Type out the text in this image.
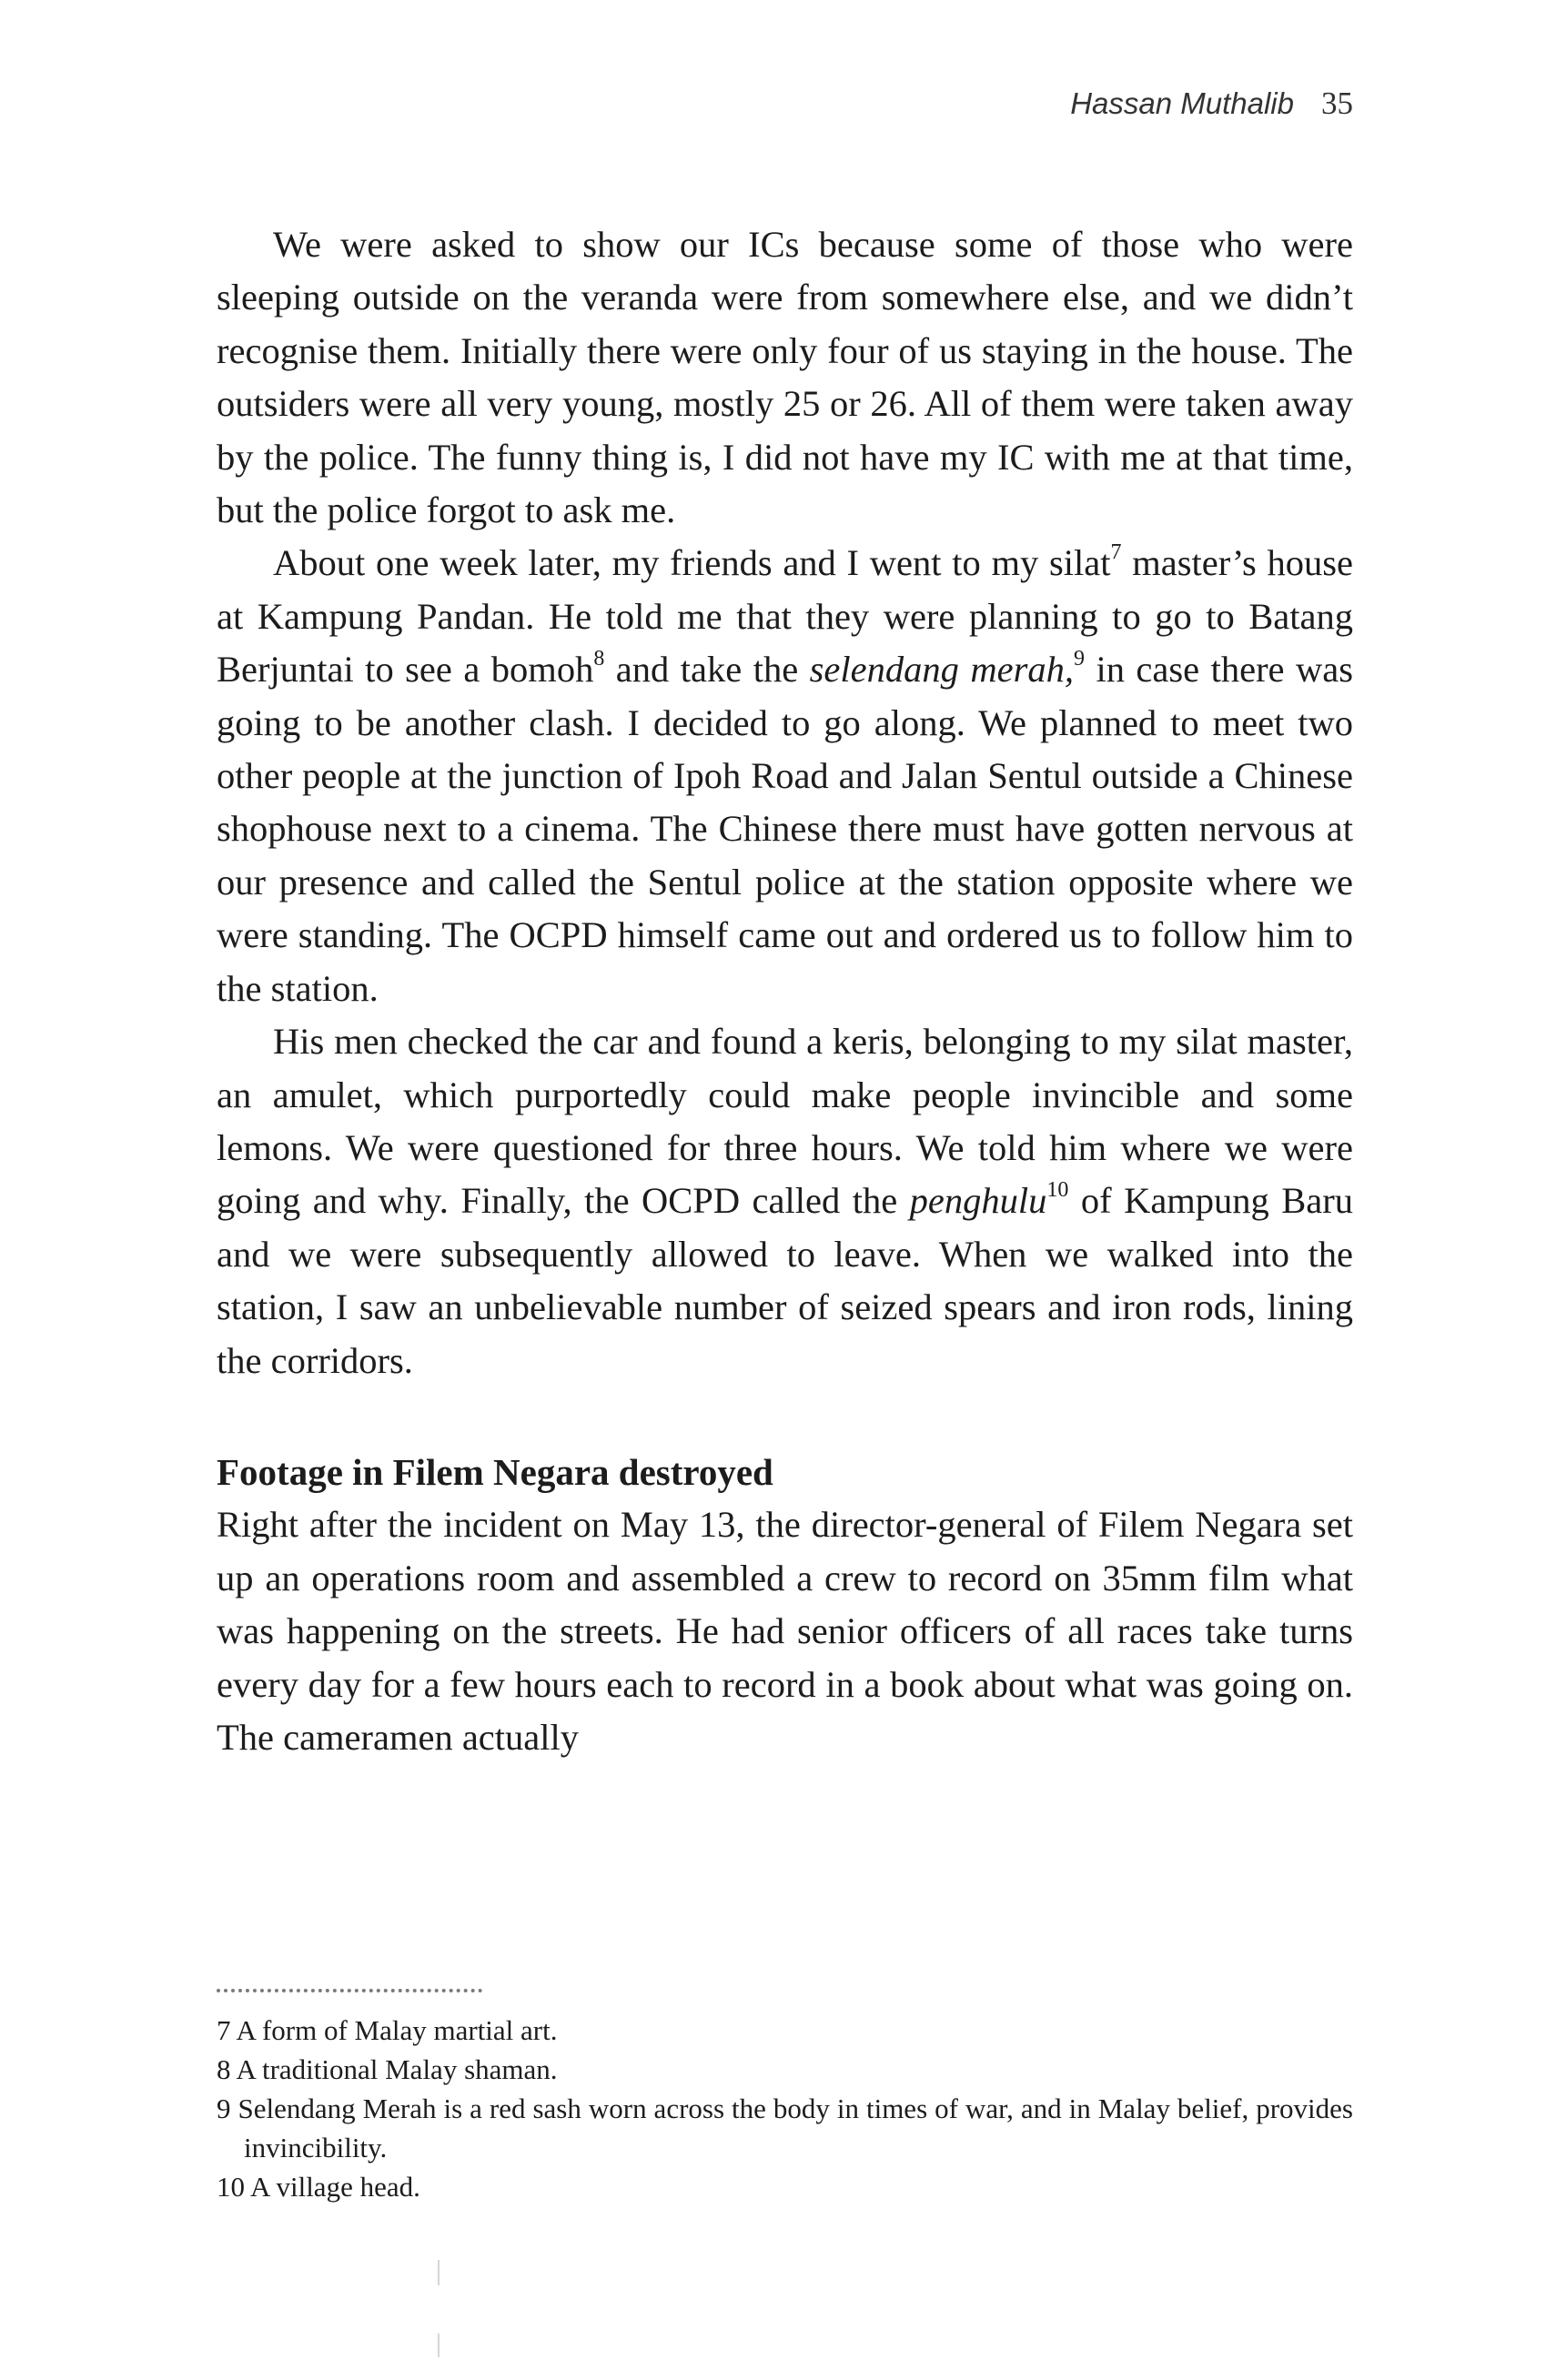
Hassan Muthalib 35

We were asked to show our ICs because some of those who were sleeping outside on the veranda were from somewhere else, and we didn’t recognise them. Initially there were only four of us staying in the house. The outsiders were all very young, mostly 25 or 26. All of them were taken away by the police. The funny thing is, I did not have my IC with me at that time, but the police forgot to ask me.

About one week later, my friends and I went to my silat$^7$ master’s house at Kampung Pandan. He told me that they were planning to go to Batang Berjuntai to see a bomoh$^8$ and take the selendang merah,$^9$ in case there was going to be another clash. I decided to go along. We planned to meet two other people at the junction of Ipoh Road and Jalan Sentul outside a Chinese shophouse next to a cinema. The Chinese there must have gotten nervous at our presence and called the Sentul police at the station opposite where we were standing. The OCPD himself came out and ordered us to follow him to the station.

His men checked the car and found a keris, belonging to my silat master, an amulet, which purportedly could make people invincible and some lemons. We were questioned for three hours. We told him where we were going and why. Finally, the OCPD called the penghulu$^{10}$ of Kampung Baru and we were subsequently allowed to leave. When we walked into the station, I saw an unbelievable number of seized spears and iron rods, lining the corridors.

Footage in Filem Negara destroyed

Right after the incident on May 13, the director-general of Filem Negara set up an operations room and assembled a crew to record on 35mm film what was happening on the streets. He had senior officers of all races take turns every day for a few hours each to record in a book about what was going on. The cameramen actually

7 A form of Malay martial art.

8 A traditional Malay shaman.

9 Selendang Merah is a red sash worn across the body in times of war, and in Malay belief, provides invincibility.

10 A village head.
